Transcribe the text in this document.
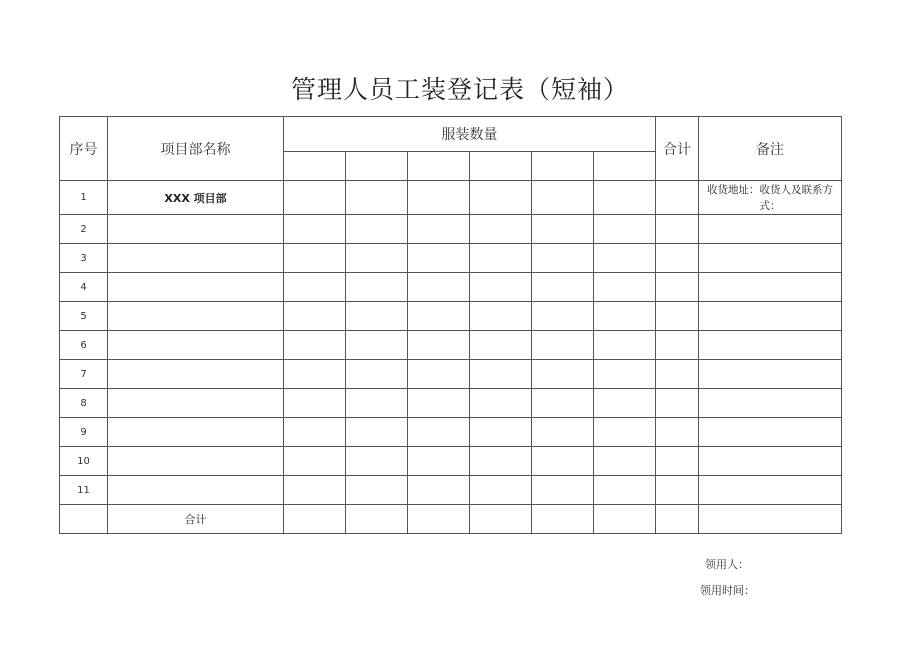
管理人员工装登记表（短袖）
序号	项目部名称	服装数量						合计	备注

1	XXX 项目部								收货地址：收货人及联系方式：
2									
3									
4									
5									
6									
7									
8									
9									
10									
11									
	合计								
领用人：
领用时间：
